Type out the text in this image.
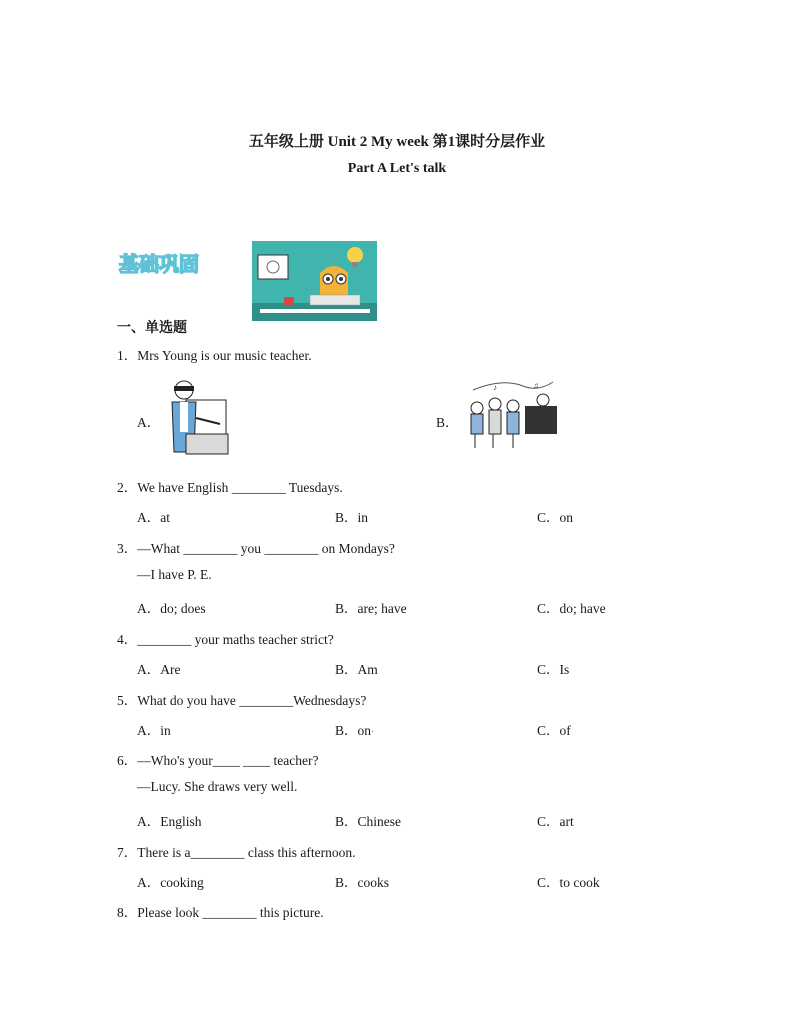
五年级上册 Unit 2 My week 第1课时分层作业
Part A Let's talk
基础巩固
一、单选题
1．Mrs Young is our music teacher.
A．	B．
♪	♫
2．We have English ________ Tuesdays.
A．at	B．in	C．on
3．—What ________ you ________ on Mondays?
—I have P. E.
A．do; does	B．are; have	C．do; have
4．________ your maths teacher strict?
A．Are	B．Am	C．Is
5．What do you have ________Wednesdays?
A．in	B．on·	C．of
6．—Who's your____ ____ teacher?
—Lucy. She draws very well.
A．English	B．Chinese	C．art
7．There is a________ class this afternoon.
A．cooking	B．cooks	C．to cook
8．Please look ________ this picture.
